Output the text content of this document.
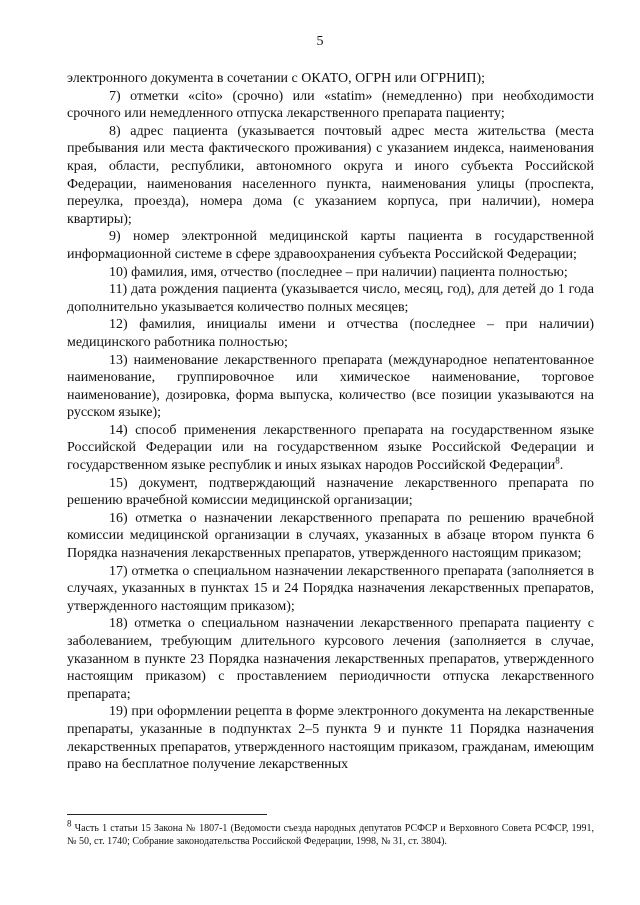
5

электронного документа в сочетании с ОКАТО, ОГРН или ОГРНИП);

7) отметки «cito» (срочно) или «statim» (немедленно) при необходимости срочного или немедленного отпуска лекарственного препарата пациенту;

8) адрес пациента (указывается почтовый адрес места жительства (места пребывания или места фактического проживания) с указанием индекса, наименования края, области, республики, автономного округа и иного субъекта Российской Федерации, наименования населенного пункта, наименования улицы (проспекта, переулка, проезда), номера дома (с указанием корпуса, при наличии), номера квартиры);

9) номер электронной медицинской карты пациента в государственной информационной системе в сфере здравоохранения субъекта Российской Федерации;

10) фамилия, имя, отчество (последнее – при наличии) пациента полностью;

11) дата рождения пациента (указывается число, месяц, год), для детей до 1 года дополнительно указывается количество полных месяцев;

12) фамилия, инициалы имени и отчества (последнее – при наличии) медицинского работника полностью;

13) наименование лекарственного препарата (международное непатентованное наименование, группировочное или химическое наименование, торговое наименование), дозировка, форма выпуска, количество (все позиции указываются на русском языке);

14) способ применения лекарственного препарата на государственном языке Российской Федерации или на государственном языке Российской Федерации и государственном языке республик и иных языках народов Российской Федерации$^8$.

15) документ, подтверждающий назначение лекарственного препарата по решению врачебной комиссии медицинской организации;

16) отметка о назначении лекарственного препарата по решению врачебной комиссии медицинской организации в случаях, указанных в абзаце втором пункта 6 Порядка назначения лекарственных препаратов, утвержденного настоящим приказом;

17) отметка о специальном назначении лекарственного препарата (заполняется в случаях, указанных в пунктах 15 и 24 Порядка назначения лекарственных препаратов, утвержденного настоящим приказом);

18) отметка о специальном назначении лекарственного препарата пациенту с заболеванием, требующим длительного курсового лечения (заполняется в случае, указанном в пункте 23 Порядка назначения лекарственных препаратов, утвержденного настоящим приказом) с проставлением периодичности отпуска лекарственного препарата;

19) при оформлении рецепта в форме электронного документа на лекарственные препараты, указанные в подпунктах 2–5 пункта 9 и пункте 11 Порядка назначения лекарственных препаратов, утвержденного настоящим приказом, гражданам, имеющим право на бесплатное получение лекарственных

$^8$ Часть 1 статьи 15 Закона № 1807-1 (Ведомости съезда народных депутатов РСФСР и Верховного Совета РСФСР, 1991, № 50, ст. 1740; Собрание законодательства Российской Федерации, 1998, № 31, ст. 3804).
